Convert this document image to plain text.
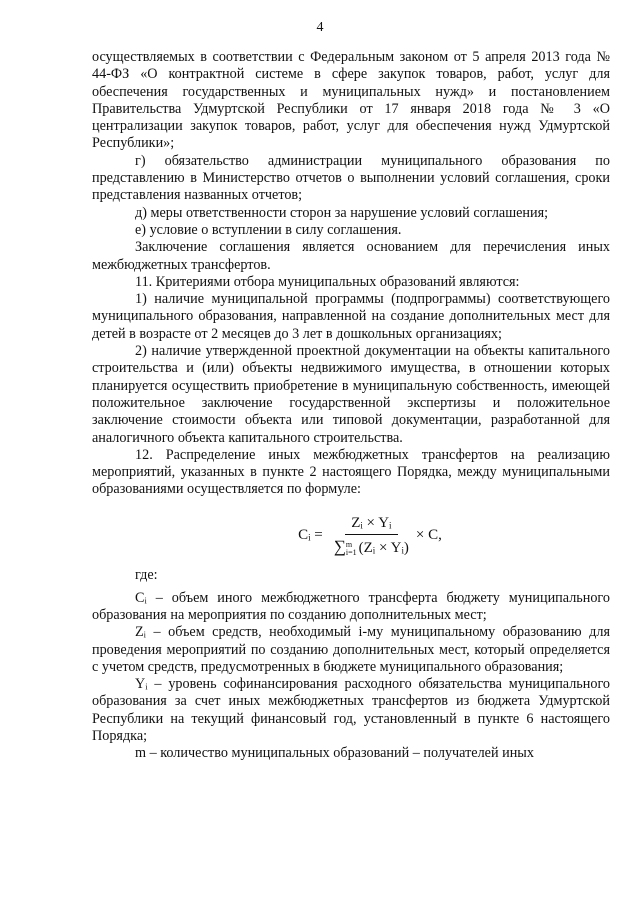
4

осуществляемых в соответствии с Федеральным законом от 5 апреля 2013 года № 44-ФЗ «О контрактной системе в сфере закупок товаров, работ, услуг для обеспечения государственных и муниципальных нужд» и постановлением Правительства Удмуртской Республики от 17 января 2018 года № 3 «О централизации закупок товаров, работ, услуг для обеспечения нужд Удмуртской Республики»;

г) обязательство администрации муниципального образования по представлению в Министерство отчетов о выполнении условий соглашения, сроки представления названных отчетов;

д) меры ответственности сторон за нарушение условий соглашения;

е) условие о вступлении в силу соглашения.

Заключение соглашения является основанием для перечисления иных межбюджетных трансфертов.

11. Критериями отбора муниципальных образований являются:

1) наличие муниципальной программы (подпрограммы) соответствующего муниципального образования, направленной на создание дополнительных мест для детей в возрасте от 2 месяцев до 3 лет в дошкольных организациях;

2) наличие утвержденной проектной документации на объекты капитального строительства и (или) объекты недвижимого имущества, в отношении которых планируется осуществить приобретение в муниципальную собственность, имеющей положительное заключение государственной экспертизы и положительное заключение стоимости объекта или типовой документации, разработанной для аналогичного объекта капитального строительства.

12. Распределение иных межбюджетных трансфертов на реализацию мероприятий, указанных в пункте 2 настоящего Порядка, между муниципальными образованиями осуществляется по формуле:

Cᵢ = Zᵢ × Yᵢ
∑ m
i=1 (Zᵢ × Yᵢ) × C,

где:

Cᵢ – объем иного межбюджетного трансферта бюджету муниципального образования на мероприятия по созданию дополнительных мест;

Zᵢ – объем средств, необходимый i-му муниципальному образованию для проведения мероприятий по созданию дополнительных мест, который определяется с учетом средств, предусмотренных в бюджете муниципального образования;

Yᵢ – уровень софинансирования расходного обязательства муниципального образования за счет иных межбюджетных трансфертов из бюджета Удмуртской Республики на текущий финансовый год, установленный в пункте 6 настоящего Порядка;

m – количество муниципальных образований – получателей иных
